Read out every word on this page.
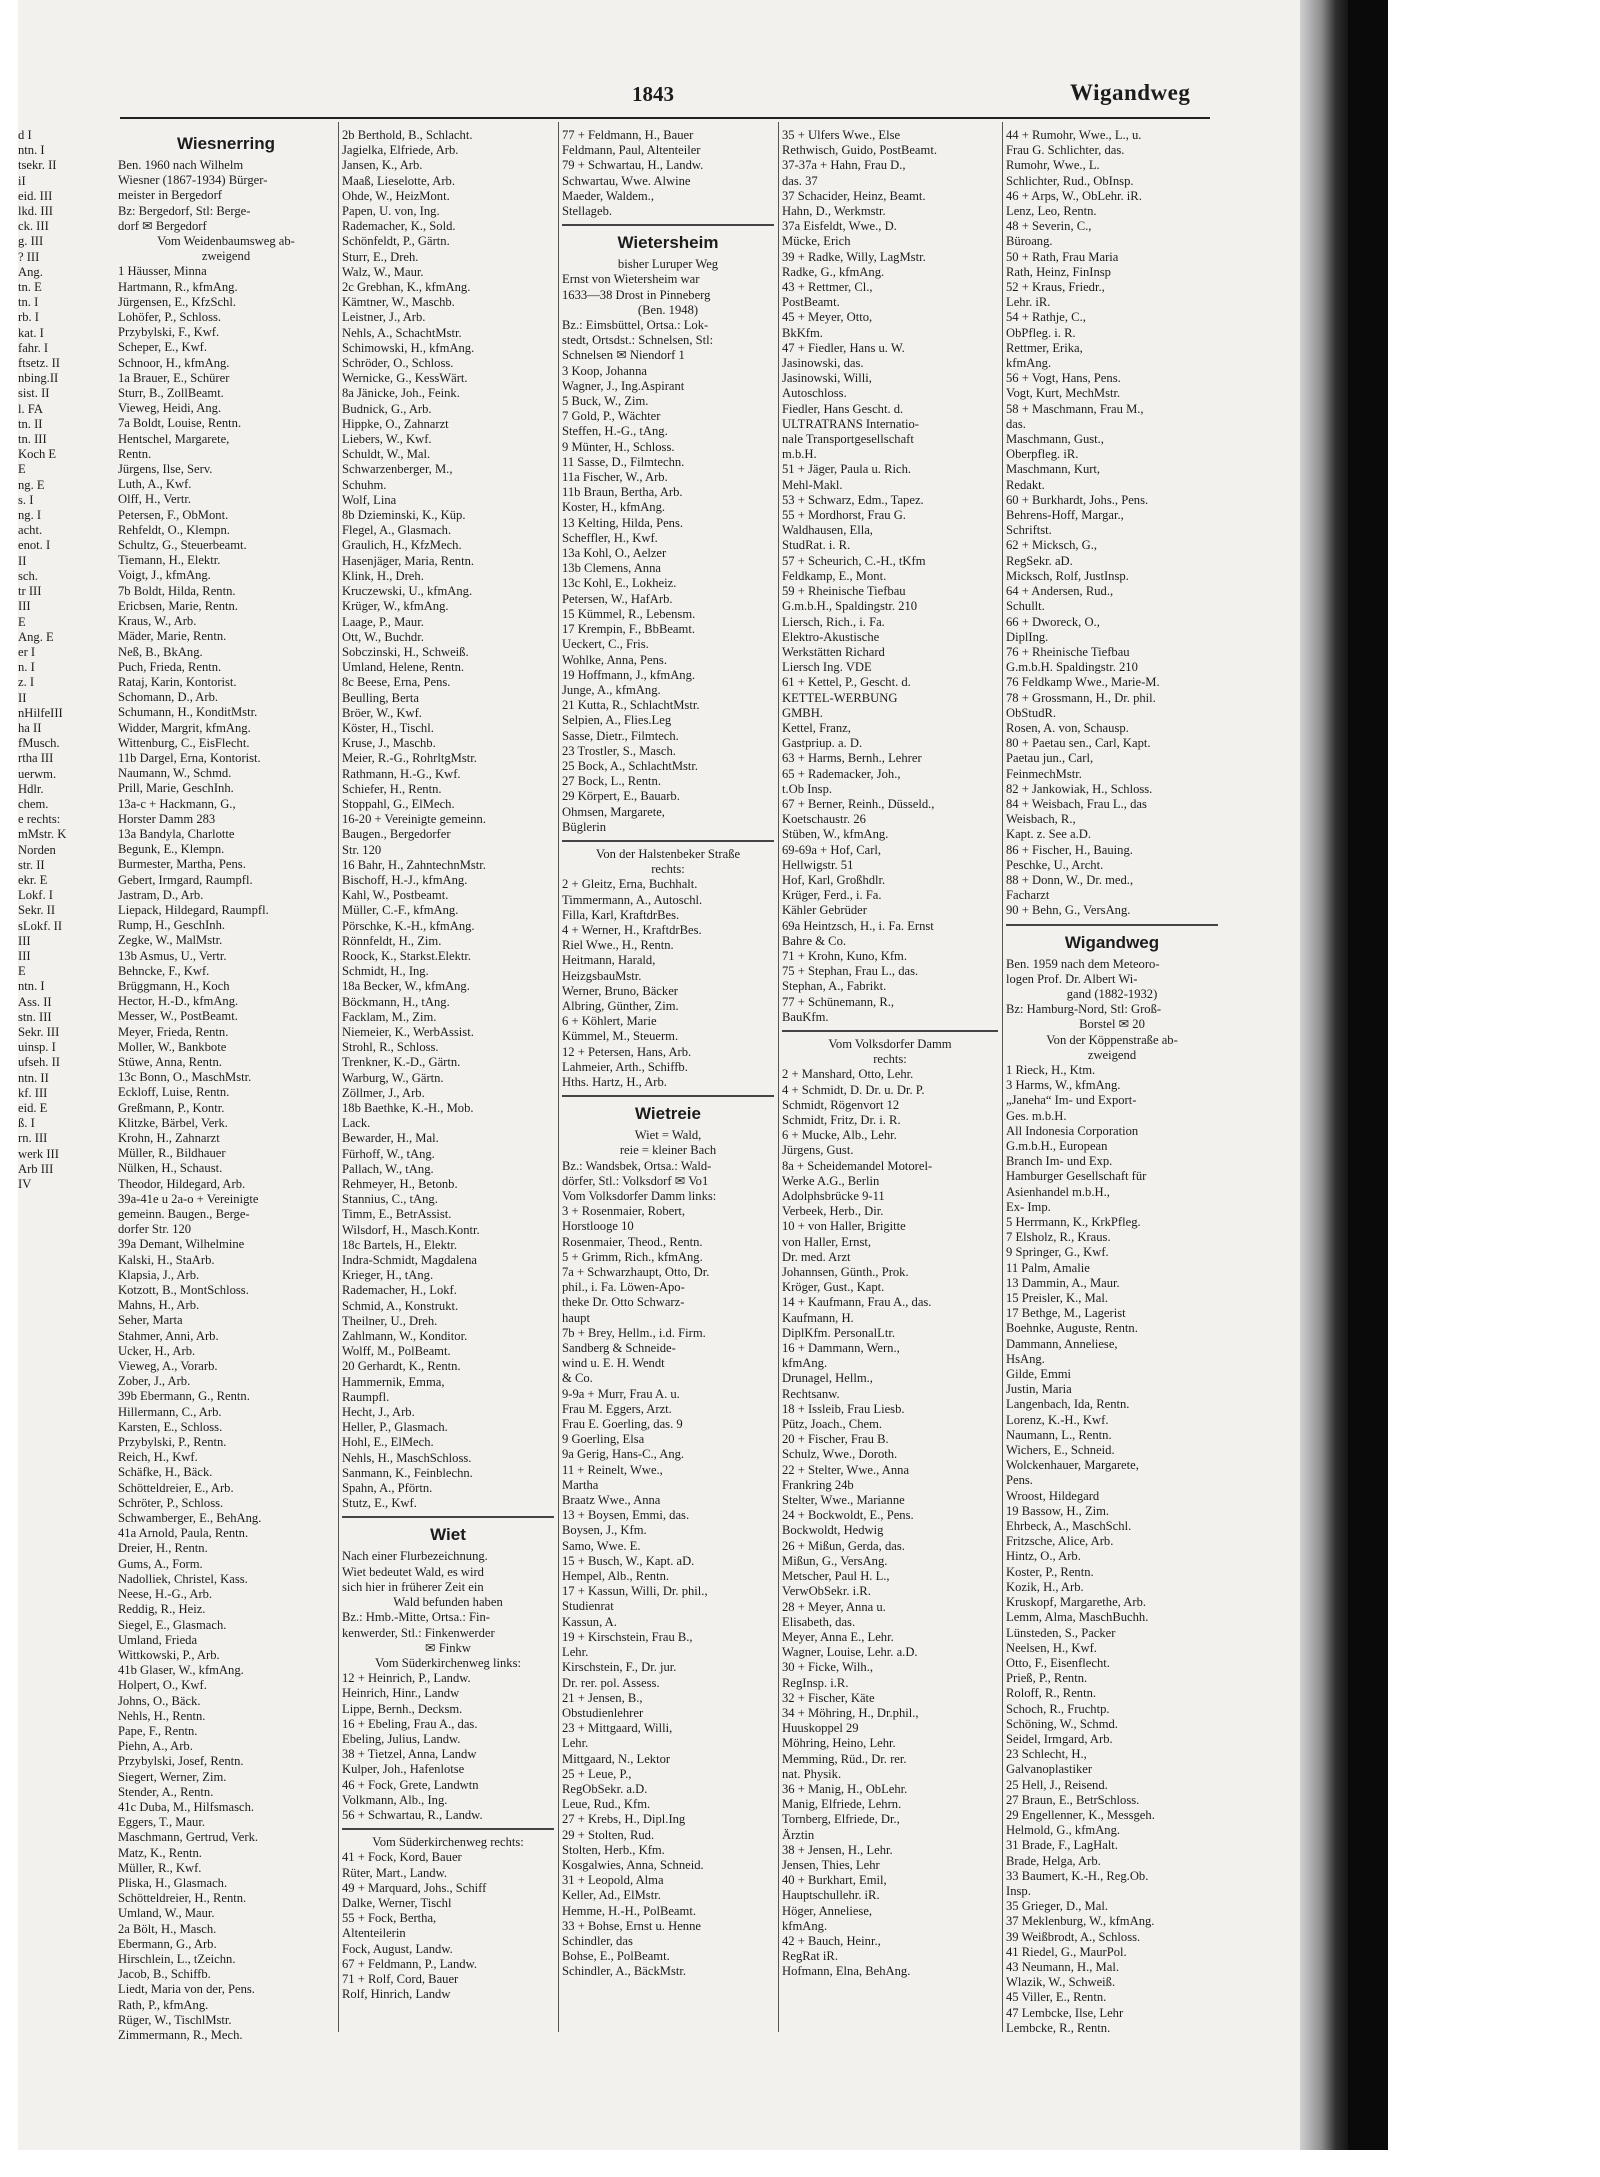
1843	Wigandweg
d I
ntn. I
tsekr. II
iI
eid. III
lkd. III
ck. III
g. III
? III
Ang.
tn. E
tn. I
rb. I
kat. I
fahr. I
ftsetz. II
nbing.II
sist. II
l. FA
tn. II
tn. III
Koch E
E
ng. E
s. I
ng. I
acht.
enot. I
II
sch.
tr III
III
E
Ang. E
er I
n. I
z. I
II
nHilfeIII
ha II
fMusch.
rtha III
uerwm.
Hdlr.
chem.
e rechts:
mMstr. K
Norden
str. II
ekr. E
Lokf. I
Sekr. II
sLokf. II
III
III
E
ntn. I
Ass. II
stn. III
Sekr. III
uinsp. I
ufseh. II
ntn. II
kf. III
eid. E
ß. I
rn. III
werk III
Arb III
IV
Wiesnerring
Ben. 1960 nach Wilhelm
Wiesner (1867-1934) Bürger-
meister in Bergedorf
Bz: Bergedorf, Stl: Berge-
dorf ✉ Bergedorf
Vom Weidenbaumsweg ab-
zweigend
1 Häusser, Minna
Hartmann, R., kfmAng.
Jürgensen, E., KfzSchl.
Lohöfer, P., Schloss.
Przybylski, F., Kwf.
Scheper, E., Kwf.
Schnoor, H., kfmAng.
1a Brauer, E., Schürer
Sturr, B., ZollBeamt.
Vieweg, Heidi, Ang.
7a Boldt, Louise, Rentn.
Hentschel, Margarete,
Rentn.
Jürgens, Ilse, Serv.
Luth, A., Kwf.
Olff, H., Vertr.
Petersen, F., ObMont.
Rehfeldt, O., Klempn.
Schultz, G., Steuerbeamt.
Tiemann, H., Elektr.
Voigt, J., kfmAng.
7b Boldt, Hilda, Rentn.
Ericbsen, Marie, Rentn.
Kraus, W., Arb.
Mäder, Marie, Rentn.
Neß, B., BkAng.
Puch, Frieda, Rentn.
Rataj, Karin, Kontorist.
Schomann, D., Arb.
Schumann, H., KonditMstr.
Widder, Margrit, kfmAng.
Wittenburg, C., EisFlecht.
11b Dargel, Erna, Kontorist.
Naumann, W., Schmd.
Prill, Marie, GeschInh.
13a-c + Hackmann, G.,
Horster Damm 283
13a Bandyla, Charlotte
Begunk, E., Klempn.
Burmester, Martha, Pens.
Gebert, Irmgard, Raumpfl.
Jastram, D., Arb.
Liepack, Hildegard, Raumpfl.
Rump, H., GeschInh.
Zegke, W., MalMstr.
13b Asmus, U., Vertr.
Behncke, F., Kwf.
Brüggmann, H., Koch
Hector, H.-D., kfmAng.
Messer, W., PostBeamt.
Meyer, Frieda, Rentn.
Moller, W., Bankbote
Stüwe, Anna, Rentn.
13c Bonn, O., MaschMstr.
Eckloff, Luise, Rentn.
Greßmann, P., Kontr.
Klitzke, Bärbel, Verk.
Krohn, H., Zahnarzt
Müller, R., Bildhauer
Nülken, H., Schaust.
Theodor, Hildegard, Arb.
39a-41e u 2a-o + Vereinigte
gemeinn. Baugen., Berge-
dorfer Str. 120
39a Demant, Wilhelmine
Kalski, H., StaArb.
Klapsia, J., Arb.
Kotzott, B., MontSchloss.
Mahns, H., Arb.
Seher, Marta
Stahmer, Anni, Arb.
Ucker, H., Arb.
Vieweg, A., Vorarb.
Zober, J., Arb.
39b Ebermann, G., Rentn.
Hillermann, C., Arb.
Karsten, E., Schloss.
Przybylski, P., Rentn.
Reich, H., Kwf.
Schäfke, H., Bäck.
Schötteldreier, E., Arb.
Schröter, P., Schloss.
Schwamberger, E., BehAng.
41a Arnold, Paula, Rentn.
Dreier, H., Rentn.
Gums, A., Form.
Nadolliek, Christel, Kass.
Neese, H.-G., Arb.
Reddig, R., Heiz.
Siegel, E., Glasmach.
Umland, Frieda
Wittkowski, P., Arb.
41b Glaser, W., kfmAng.
Holpert, O., Kwf.
Johns, O., Bäck.
Nehls, H., Rentn.
Pape, F., Rentn.
Piehn, A., Arb.
Przybylski, Josef, Rentn.
Siegert, Werner, Zim.
Stender, A., Rentn.
41c Duba, M., Hilfsmasch.
Eggers, T., Maur.
Maschmann, Gertrud, Verk.
Matz, K., Rentn.
Müller, R., Kwf.
Pliska, H., Glasmach.
Schötteldreier, H., Rentn.
Umland, W., Maur.
2a Bölt, H., Masch.
Ebermann, G., Arb.
Hirschlein, L., tZeichn.
Jacob, B., Schiffb.
Liedt, Maria von der, Pens.
Rath, P., kfmAng.
Rüger, W., TischlMstr.
Zimmermann, R., Mech.
2b Berthold, B., Schlacht.
Jagielka, Elfriede, Arb.
Jansen, K., Arb.
Maaß, Lieselotte, Arb.
Ohde, W., HeizMont.
Papen, U. von, Ing.
Rademacher, K., Sold.
Schönfeldt, P., Gärtn.
Sturr, E., Dreh.
Walz, W., Maur.
2c Grebhan, K., kfmAng.
Kämtner, W., Maschb.
Leistner, J., Arb.
Nehls, A., SchachtMstr.
Schimowski, H., kfmAng.
Schröder, O., Schloss.
Wernicke, G., KessWärt.
8a Jänicke, Joh., Feink.
Budnick, G., Arb.
Hippke, O., Zahnarzt
Liebers, W., Kwf.
Schuldt, W., Mal.
Schwarzenberger, M.,
Schuhm.
Wolf, Lina
8b Dzieminski, K., Küp.
Flegel, A., Glasmach.
Graulich, H., KfzMech.
Hasenjäger, Maria, Rentn.
Klink, H., Dreh.
Kruczewski, U., kfmAng.
Krüger, W., kfmAng.
Laage, P., Maur.
Ott, W., Buchdr.
Sobczinski, H., Schweiß.
Umland, Helene, Rentn.
8c Beese, Erna, Pens.
Beulling, Berta
Bröer, W., Kwf.
Köster, H., Tischl.
Kruse, J., Maschb.
Meier, R.-G., RohrltgMstr.
Rathmann, H.-G., Kwf.
Schiefer, H., Rentn.
Stoppahl, G., ElMech.
16-20 + Vereinigte gemeinn.
Baugen., Bergedorfer
Str. 120
16 Bahr, H., ZahntechnMstr.
Bischoff, H.-J., kfmAng.
Kahl, W., Postbeamt.
Müller, C.-F., kfmAng.
Pörschke, K.-H., kfmAng.
Rönnfeldt, H., Zim.
Roock, K., Starkst.Elektr.
Schmidt, H., Ing.
18a Becker, W., kfmAng.
Böckmann, H., tAng.
Facklam, M., Zim.
Niemeier, K., WerbAssist.
Strohl, R., Schloss.
Trenkner, K.-D., Gärtn.
Warburg, W., Gärtn.
Zöllmer, J., Arb.
18b Baethke, K.-H., Mob.
Lack.
Bewarder, H., Mal.
Fürhoff, W., tAng.
Pallach, W., tAng.
Rehmeyer, H., Betonb.
Stannius, C., tAng.
Timm, E., BetrAssist.
Wilsdorf, H., Masch.Kontr.
18c Bartels, H., Elektr.
Indra-Schmidt, Magdalena
Krieger, H., tAng.
Rademacher, H., Lokf.
Schmid, A., Konstrukt.
Theilner, U., Dreh.
Zahlmann, W., Konditor.
Wolff, M., PolBeamt.
20 Gerhardt, K., Rentn.
Hammernik, Emma,
Raumpfl.
Hecht, J., Arb.
Heller, P., Glasmach.
Hohl, E., ElMech.
Nehls, H., MaschSchloss.
Sanmann, K., Feinblechn.
Spahn, A., Pförtn.
Stutz, E., Kwf.
Wiet
Nach einer Flurbezeichnung.
Wiet bedeutet Wald, es wird
sich hier in früherer Zeit ein
Wald befunden haben
Bz.: Hmb.-Mitte, Ortsa.: Fin-
kenwerder, Stl.: Finkenwerder
✉ Finkw
Vom Süderkirchenweg links:
12 + Heinrich, P., Landw.
Heinrich, Hinr., Landw
Lippe, Bernh., Decksm.
16 + Ebeling, Frau A., das.
Ebeling, Julius, Landw.
38 + Tietzel, Anna, Landw
Kulper, Joh., Hafenlotse
46 + Fock, Grete, Landwtn
Volkmann, Alb., Ing.
56 + Schwartau, R., Landw.
Vom Süderkirchenweg rechts:
41 + Fock, Kord, Bauer
Rüter, Mart., Landw.
49 + Marquard, Johs., Schiff
Dalke, Werner, Tischl
55 + Fock, Bertha,
Altenteilerin
Fock, August, Landw.
67 + Feldmann, P., Landw.
71 + Rolf, Cord, Bauer
Rolf, Hinrich, Landw
77 + Feldmann, H., Bauer
Feldmann, Paul, Altenteiler
79 + Schwartau, H., Landw.
Schwartau, Wwe. Alwine
Maeder, Waldem.,
Stellageb.
Wietersheim
bisher Luruper Weg
Ernst von Wietersheim war
1633—38 Drost in Pinneberg
(Ben. 1948)
Bz.: Eimsbüttel, Ortsa.: Lok-
stedt, Ortsdst.: Schnelsen, Stl:
Schnelsen ✉ Niendorf 1
3 Koop, Johanna
Wagner, J., Ing.Aspirant
5 Buck, W., Zim.
7 Gold, P., Wächter
Steffen, H.-G., tAng.
9 Münter, H., Schloss.
11 Sasse, D., Filmtechn.
11a Fischer, W., Arb.
11b Braun, Bertha, Arb.
Koster, H., kfmAng.
13 Kelting, Hilda, Pens.
Scheffler, H., Kwf.
13a Kohl, O., Aelzer
13b Clemens, Anna
13c Kohl, E., Lokheiz.
Petersen, W., HafArb.
15 Kümmel, R., Lebensm.
17 Krempin, F., BbBeamt.
Ueckert, C., Fris.
Wohlke, Anna, Pens.
19 Hoffmann, J., kfmAng.
Junge, A., kfmAng.
21 Kutta, R., SchlachtMstr.
Selpien, A., Flies.Leg
Sasse, Dietr., Filmtech.
23 Trostler, S., Masch.
25 Bock, A., SchlachtMstr.
27 Bock, L., Rentn.
29 Körpert, E., Bauarb.
Ohmsen, Margarete,
Büglerin
Von der Halstenbeker Straße
rechts:
2 + Gleitz, Erna, Buchhalt.
Timmermann, A., Autoschl.
Filla, Karl, KraftdrBes.
4 + Werner, H., KraftdrBes.
Riel Wwe., H., Rentn.
Heitmann, Harald,
HeizgsbauMstr.
Werner, Bruno, Bäcker
Albring, Günther, Zim.
6 + Köhlert, Marie
Kümmel, M., Steuerm.
12 + Petersen, Hans, Arb.
Lahmeier, Arth., Schiffb.
Hths. Hartz, H., Arb.
Wietreie
Wiet = Wald,
reie = kleiner Bach
Bz.: Wandsbek, Ortsa.: Wald-
dörfer, Stl.: Volksdorf ✉ Vo1
Vom Volksdorfer Damm links:
3 + Rosenmaier, Robert,
Horstlooge 10
Rosenmaier, Theod., Rentn.
5 + Grimm, Rich., kfmAng.
7a + Schwarzhaupt, Otto, Dr.
phil., i. Fa. Löwen-Apo-
theke Dr. Otto Schwarz-
haupt
7b + Brey, Hellm., i.d. Firm.
Sandberg & Schneide-
wind u. E. H. Wendt
& Co.
9-9a + Murr, Frau A. u.
Frau M. Eggers, Arzt.
Frau E. Goerling, das. 9
9 Goerling, Elsa
9a Gerig, Hans-C., Ang.
11 + Reinelt, Wwe.,
Martha
Braatz Wwe., Anna
13 + Boysen, Emmi, das.
Boysen, J., Kfm.
Samo, Wwe. E.
15 + Busch, W., Kapt. aD.
Hempel, Alb., Rentn.
17 + Kassun, Willi, Dr. phil.,
Studienrat
Kassun, A.
19 + Kirschstein, Frau B.,
Lehr.
Kirschstein, F., Dr. jur.
Dr. rer. pol. Assess.
21 + Jensen, B.,
Obstudienlehrer
23 + Mittgaard, Willi,
Lehr.
Mittgaard, N., Lektor
25 + Leue, P.,
RegObSekr. a.D.
Leue, Rud., Kfm.
27 + Krebs, H., Dipl.Ing
29 + Stolten, Rud.
Stolten, Herb., Kfm.
Kosgalwies, Anna, Schneid.
31 + Leopold, Alma
Keller, Ad., ElMstr.
Hemme, H.-H., PolBeamt.
33 + Bohse, Ernst u. Henne
Schindler, das
Bohse, E., PolBeamt.
Schindler, A., BäckMstr.
35 + Ulfers Wwe., Else
Rethwisch, Guido, PostBeamt.
37-37a + Hahn, Frau D.,
das. 37
37 Schacider, Heinz, Beamt.
Hahn, D., Werkmstr.
37a Eisfeldt, Wwe., D.
Mücke, Erich
39 + Radke, Willy, LagMstr.
Radke, G., kfmAng.
43 + Rettmer, Cl.,
PostBeamt.
45 + Meyer, Otto,
BkKfm.
47 + Fiedler, Hans u. W.
Jasinowski, das.
Jasinowski, Willi,
Autoschloss.
Fiedler, Hans Gescht. d.
ULTRATRANS Internatio-
nale Transportgesellschaft
m.b.H.
51 + Jäger, Paula u. Rich.
Mehl-Makl.
53 + Schwarz, Edm., Tapez.
55 + Mordhorst, Frau G.
Waldhausen, Ella,
StudRat. i. R.
57 + Scheurich, C.-H., tKfm
Feldkamp, E., Mont.
59 + Rheinische Tiefbau
G.m.b.H., Spaldingstr. 210
Liersch, Rich., i. Fa.
Elektro-Akustische
Werkstätten Richard
Liersch Ing. VDE
61 + Kettel, P., Gescht. d.
KETTEL-WERBUNG
GMBH.
Kettel, Franz,
Gastpriup. a. D.
63 + Harms, Bernh., Lehrer
65 + Rademacker, Joh.,
t.Ob Insp.
67 + Berner, Reinh., Düsseld.,
Koetschaustr. 26
Stüben, W., kfmAng.
69-69a + Hof, Carl,
Hellwigstr. 51
Hof, Karl, Großhdlr.
Krüger, Ferd., i. Fa.
Kähler Gebrüder
69a Heintzsch, H., i. Fa. Ernst
Bahre & Co.
71 + Krohn, Kuno, Kfm.
75 + Stephan, Frau L., das.
Stephan, A., Fabrikt.
77 + Schünemann, R.,
BauKfm.
Vom Volksdorfer Damm
rechts:
2 + Manshard, Otto, Lehr.
4 + Schmidt, D. Dr. u. Dr. P.
Schmidt, Rögenvort 12
Schmidt, Fritz, Dr. i. R.
6 + Mucke, Alb., Lehr.
Jürgens, Gust.
8a + Scheidemandel Motorel-
Werke A.G., Berlin
Adolphsbrücke 9-11
Verbeek, Herb., Dir.
10 + von Haller, Brigitte
von Haller, Ernst,
Dr. med. Arzt
Johannsen, Günth., Prok.
Kröger, Gust., Kapt.
14 + Kaufmann, Frau A., das.
Kaufmann, H.
DiplKfm. PersonalLtr.
16 + Dammann, Wern.,
kfmAng.
Drunagel, Hellm.,
Rechtsanw.
18 + Issleib, Frau Liesb.
Pütz, Joach., Chem.
20 + Fischer, Frau B.
Schulz, Wwe., Doroth.
22 + Stelter, Wwe., Anna
Frankring 24b
Stelter, Wwe., Marianne
24 + Bockwoldt, E., Pens.
Bockwoldt, Hedwig
26 + Mißun, Gerda, das.
Mißun, G., VersAng.
Metscher, Paul H. L.,
VerwObSekr. i.R.
28 + Meyer, Anna u.
Elisabeth, das.
Meyer, Anna E., Lehr.
Wagner, Louise, Lehr. a.D.
30 + Ficke, Wilh.,
RegInsp. i.R.
32 + Fischer, Käte
34 + Möhring, H., Dr.phil.,
Huuskoppel 29
Möhring, Heino, Lehr.
Memming, Rüd., Dr. rer.
nat. Physik.
36 + Manig, H., ObLehr.
Manig, Elfriede, Lehrn.
Tornberg, Elfriede, Dr.,
Ärztin
38 + Jensen, H., Lehr.
Jensen, Thies, Lehr
40 + Burkhart, Emil,
Hauptschullehr. iR.
Höger, Anneliese,
kfmAng.
42 + Bauch, Heinr.,
RegRat iR.
Hofmann, Elna, BehAng.
44 + Rumohr, Wwe., L., u.
Frau G. Schlichter, das.
Rumohr, Wwe., L.
Schlichter, Rud., ObInsp.
46 + Arps, W., ObLehr. iR.
Lenz, Leo, Rentn.
48 + Severin, C.,
Büroang.
50 + Rath, Frau Maria
Rath, Heinz, FinInsp
52 + Kraus, Friedr.,
Lehr. iR.
54 + Rathje, C.,
ObPfleg. i. R.
Rettmer, Erika,
kfmAng.
56 + Vogt, Hans, Pens.
Vogt, Kurt, MechMstr.
58 + Maschmann, Frau M.,
das.
Maschmann, Gust.,
Oberpfleg. iR.
Maschmann, Kurt,
Redakt.
60 + Burkhardt, Johs., Pens.
Behrens-Hoff, Margar.,
Schriftst.
62 + Micksch, G.,
RegSekr. aD.
Micksch, Rolf, JustInsp.
64 + Andersen, Rud.,
Schullt.
66 + Dworeck, O.,
DiplIng.
76 + Rheinische Tiefbau
G.m.b.H. Spaldingstr. 210
76 Feldkamp Wwe., Marie-M.
78 + Grossmann, H., Dr. phil.
ObStudR.
Rosen, A. von, Schausp.
80 + Paetau sen., Carl, Kapt.
Paetau jun., Carl,
FeinmechMstr.
82 + Jankowiak, H., Schloss.
84 + Weisbach, Frau L., das
Weisbach, R.,
Kapt. z. See a.D.
86 + Fischer, H., Bauing.
Peschke, U., Archt.
88 + Donn, W., Dr. med.,
Facharzt
90 + Behn, G., VersAng.
Wigandweg
Ben. 1959 nach dem Meteoro-
logen Prof. Dr. Albert Wi-
gand (1882-1932)
Bz: Hamburg-Nord, Stl: Groß-
Borstel ✉ 20
Von der Köppenstraße ab-
zweigend
1 Rieck, H., Ktm.
3 Harms, W., kfmAng.
„Janeha“ Im- und Export-
Ges. m.b.H.
All Indonesia Corporation
G.m.b.H., European
Branch Im- und Exp.
Hamburger Gesellschaft für
Asienhandel m.b.H.,
Ex- Imp.
5 Herrmann, K., KrkPfleg.
7 Elsholz, R., Kraus.
9 Springer, G., Kwf.
11 Palm, Amalie
13 Dammin, A., Maur.
15 Preisler, K., Mal.
17 Bethge, M., Lagerist
Boehnke, Auguste, Rentn.
Dammann, Anneliese,
HsAng.
Gilde, Emmi
Justin, Maria
Langenbach, Ida, Rentn.
Lorenz, K.-H., Kwf.
Naumann, L., Rentn.
Wichers, E., Schneid.
Wolckenhauer, Margarete,
Pens.
Wroost, Hildegard
19 Bassow, H., Zim.
Ehrbeck, A., MaschSchl.
Fritzsche, Alice, Arb.
Hintz, O., Arb.
Koster, P., Rentn.
Kozik, H., Arb.
Kruskopf, Margarethe, Arb.
Lemm, Alma, MaschBuchh.
Lünsteden, S., Packer
Neelsen, H., Kwf.
Otto, F., Eisenflecht.
Prieß, P., Rentn.
Roloff, R., Rentn.
Schoch, R., Fruchtp.
Schöning, W., Schmd.
Seidel, Irmgard, Arb.
23 Schlecht, H.,
Galvanoplastiker
25 Hell, J., Reisend.
27 Braun, E., BetrSchloss.
29 Engellenner, K., Messgeh.
Helmold, G., kfmAng.
31 Brade, F., LagHalt.
Brade, Helga, Arb.
33 Baumert, K.-H., Reg.Ob.
Insp.
35 Grieger, D., Mal.
37 Meklenburg, W., kfmAng.
39 Weißbrodt, A., Schloss.
41 Riedel, G., MaurPol.
43 Neumann, H., Mal.
Wlazik, W., Schweiß.
45 Viller, E., Rentn.
47 Lembcke, Ilse, Lehr
Lembcke, R., Rentn.
